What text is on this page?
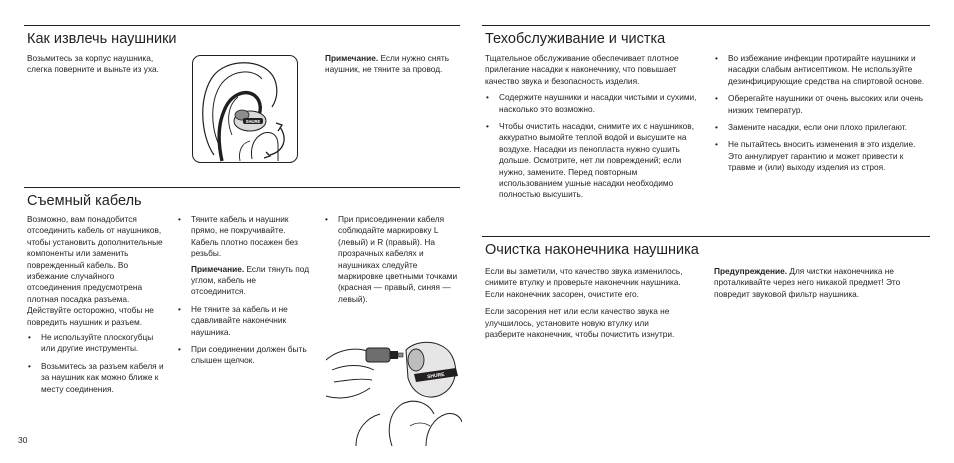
Как извлечь наушники

Возьмитесь за корпус наушника, слегка поверните и выньте из уха.

SHURE

Примечание. Если нужно снять наушник, не тяните за провод.

Съемный кабель

Возможно, вам понадобится отсоединить кабель от наушников, чтобы установить дополнительные компоненты или заменить поврежденный кабель. Во избежание случайного отсоединения предусмотрена плотная посадка разъема. Действуйте осторожно, чтобы не повредить наушник и разъем.

• Не используйте плоскогубцы или другие инструменты.
• Возьмитесь за разъем кабеля и за наушник как можно ближе к месту соединения.
• Тяните кабель и наушник прямо, не покручивайте. Кабель плотно посажен без резьбы.

Примечание. Если тянуть под углом, кабель не отсоединится.

• Не тяните за кабель и не сдавливайте наконечник наушника.
• При соединении должен быть слышен щелчок.
• При присоединении кабеля соблюдайте маркировку L (левый) и R (правый). На прозрачных кабелях и наушниках следуйте маркировке цветными точками (красная — правый, синяя — левый).
SHURE
30
Техобслуживание и чистка

Тщательное обслуживание обеспечивает плотное прилегание насадки к наконечнику, что повышает качество звука и безопасность изделия.

• Содержите наушники и насадки чистыми и сухими, насколько это возможно.
• Чтобы очистить насадки, снимите их с наушников, аккуратно вымойте теплой водой и высушите на воздухе. Насадки из пенопласта нужно сушить дольше. Осмотрите, нет ли повреждений; если нужно, замените. Перед повторным использованием ушные насадки необходимо полностью высушить.
• Во избежание инфекции протирайте наушники и насадки слабым антисептиком. Не используйте дезинфицирующие средства на спиртовой основе.
• Оберегайте наушники от очень высоких или очень низких температур.
• Замените насадки, если они плохо прилегают.
• Не пытайтесь вносить изменения в это изделие. Это аннулирует гарантию и может привести к травме и (или) выходу изделия из строя.
Очистка наконечника наушника

Если вы заметили, что качество звука изменилось, снимите втулку и проверьте наконечник наушника. Если наконечник засорен, очистите его.

Если засорения нет или если качество звука не улучшилось, установите новую втулку или разберите наконечник, чтобы почистить изнутри.

Предупреждение. Для чистки наконечника не проталкивайте через него никакой предмет! Это повредит звуковой фильтр наушника.
